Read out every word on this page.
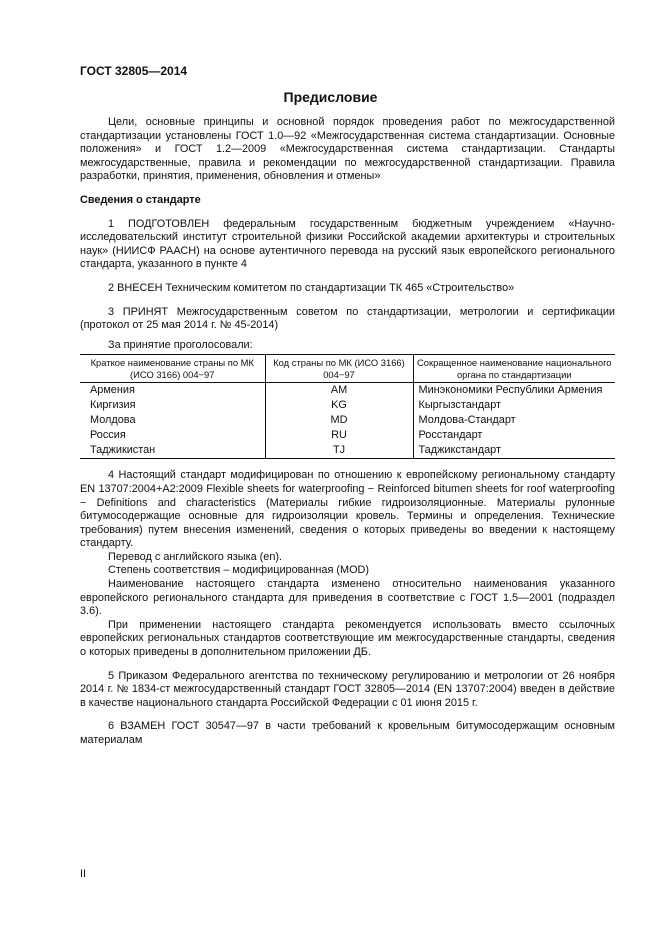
ГОСТ 32805—2014
Предисловие

Цели, основные принципы и основной порядок проведения работ по межгосударственной стандартизации установлены ГОСТ 1.0—92 «Межгосударственная система стандартизации. Основные положения» и ГОСТ 1.2—2009 «Межгосударственная система стандартизации. Стандарты межгосударственные, правила и рекомендации по межгосударственной стандартизации. Правила разработки, принятия, применения, обновления и отмены»

Сведения о стандарте

1 ПОДГОТОВЛЕН федеральным государственным бюджетным учреждением «Научно-исследовательский институт строительной физики Российской академии архитектуры и строительных наук» (НИИСФ РААСН) на основе аутентичного перевода на русский язык европейского регионального стандарта, указанного в пункте 4

2 ВНЕСЕН Техническим комитетом по стандартизации ТК 465 «Строительство»

3 ПРИНЯТ Межгосударственным советом по стандартизации, метрологии и сертификации (протокол от 25 мая 2014 г. № 45-2014)

За принятие проголосовали:
Краткое наименование страны по МК (ИСО 3166) 004−97	Код страны по МК (ИСО 3166) 004−97	Сокращенное наименование национального органа по стандартизации
Армения	AM	Минэкономики Республики Армения
Киргизия	KG	Кыргызстандарт
Молдова	MD	Молдова-Стандарт
Россия	RU	Росстандарт
Таджикистан	TJ	Таджикстандарт

4 Настоящий стандарт модифицирован по отношению к европейскому региональному стандарту EN 13707:2004+A2:2009 Flexible sheets for waterproofing − Reinforced bitumen sheets for roof waterproofing − Definitions and characteristics (Материалы гибкие гидроизоляционные. Материалы рулонные битумосодержащие основные для гидроизоляции кровель. Термины и определения. Технические требования) путем внесения изменений, сведения о которых приведены во введении к настоящему стандарту.

Перевод с английского языка (en).

Степень соответствия – модифицированная (MOD)

Наименование настоящего стандарта изменено относительно наименования указанного европейского регионального стандарта для приведения в соответствие с ГОСТ 1.5—2001 (подраздел 3.6).

При применении настоящего стандарта рекомендуется использовать вместо ссылочных европейских региональных стандартов соответствующие им межгосударственные стандарты, сведения о которых приведены в дополнительном приложении ДБ.

5 Приказом Федерального агентства по техническому регулированию и метрологии от 26 ноября 2014 г. № 1834-ст межгосударственный стандарт ГОСТ 32805—2014 (EN 13707:2004) введен в действие в качестве национального стандарта Российской Федерации с 01 июня 2015 г.

6 ВЗАМЕН ГОСТ 30547—97 в части требований к кровельным битумосодержащим основным материалам

II
